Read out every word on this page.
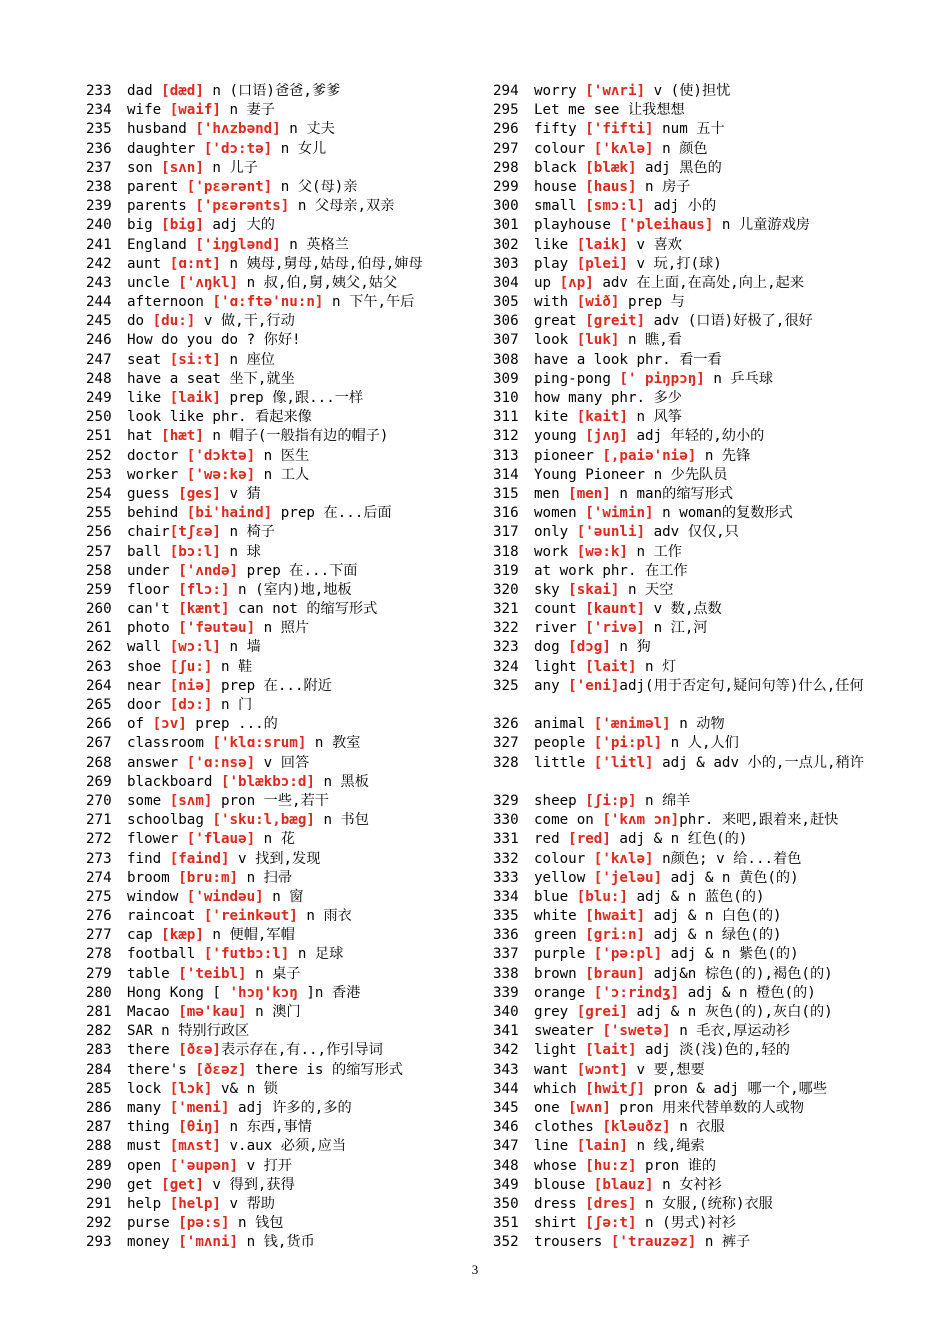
233 dad [dæd] n (口语)爸爸,爹爹
234 wife [waif] n 妻子
235 husband ['hʌzbənd] n 丈夫
236 daughter ['dɔ:tə] n 女儿
237 son [sʌn] n 儿子
238 parent ['pεərənt] n 父(母)亲
239 parents ['pεərənts] n 父母亲,双亲
240 big [big] adj 大的
241 England ['iŋglənd] n 英格兰
242 aunt [ɑ:nt] n 姨母,舅母,姑母,伯母,婶母
243 uncle ['ʌŋkl] n 叔,伯,舅,姨父,姑父
244 afternoon ['ɑ:ftə'nu:n] n 下午,午后
245 do [du:] v 做,干,行动
246 How do you do ? 你好!
247 seat [si:t] n 座位
248 have a seat 坐下,就坐
249 like [laik] prep 像,跟...一样
250 look like phr. 看起来像
251 hat [hæt] n 帽子(一般指有边的帽子)
252 doctor ['dɔktə] n 医生
253 worker ['wə:kə] n 工人
254 guess [ges] v 猜
255 behind [bi'haind] prep 在...后面
256 chair[tʃεə] n 椅子
257 ball [bɔ:l] n 球
258 under ['ʌndə] prep 在...下面
259 floor [flɔ:] n (室内)地,地板
260 can't [kænt] can not 的缩写形式
261 photo ['fəutəu] n 照片
262 wall [wɔ:l] n 墙
263 shoe [ʃu:] n 鞋
264 near [niə] prep 在...附近
265 door [dɔ:] n 门
266 of [ɔv] prep ...的
267 classroom ['klɑ:srum] n 教室
268 answer ['ɑ:nsə] v 回答
269 blackboard ['blækbɔ:d] n 黑板
270 some [sʌm] pron 一些,若干
271 schoolbag ['sku:l,bæg] n 书包
272 flower ['flauə] n 花
273 find [faind] v 找到,发现
274 broom [bru:m] n 扫帚
275 window ['windəu] n 窗
276 raincoat ['reinkəut] n 雨衣
277 cap [kæp] n 便帽,军帽
278 football ['futbɔ:l] n 足球
279 table ['teibl] n 桌子
280 Hong Kong [ 'hɔŋ'kɔŋ ]n 香港
281 Macao [mə'kau] n 澳门
282 SAR n 特别行政区
283 there [ðεə]表示存在,有..,作引导词
284 there's [ðεəz] there is 的缩写形式
285 lock [lɔk] v& n 锁
286 many ['meni] adj 许多的,多的
287 thing [θiŋ] n 东西,事情
288 must [mʌst] v.aux 必须,应当
289 open ['əupən] v 打开
290 get [get] v 得到,获得
291 help [help] v 帮助
292 purse [pə:s] n 钱包
293 money ['mʌni] n 钱,货币
294 worry ['wʌri] v (使)担忧
295 Let me see 让我想想
296 fifty ['fifti] num 五十
297 colour ['kʌlə] n 颜色
298 black [blæk] adj 黑色的
299 house [haus] n 房子
300 small [smɔ:l] adj 小的
301 playhouse ['pleihaus] n 儿童游戏房
302 like [laik] v 喜欢
303 play [plei] v 玩,打(球)
304 up [ʌp] adv 在上面,在高处,向上,起来
305 with [wið] prep 与
306 great [greit] adv (口语)好极了,很好
307 look [luk] n 瞧,看
308 have a look phr. 看一看
309 ping-pong [' piŋpɔŋ] n 乒乓球
310 how many phr. 多少
311 kite [kait] n 风筝
312 young [jʌŋ] adj 年轻的,幼小的
313 pioneer [,paiə'niə] n 先锋
314 Young Pioneer n 少先队员
315 men [men] n man的缩写形式
316 women ['wimin] n woman的复数形式
317 only ['əunli] adv 仅仅,只
318 work [wə:k] n 工作
319 at work phr. 在工作
320 sky [skai] n 天空
321 count [kaunt] v 数,点数
322 river ['rivə] n 江,河
323 dog [dɔg] n 狗
324 light [lait] n 灯
325 any ['eni]adj(用于否定句,疑问句等)什么,任何
326 animal ['æniməl] n 动物
327 people ['pi:pl] n 人,人们
328 little ['litl] adj & adv 小的,一点儿,稍许
329 sheep [ʃi:p] n 绵羊
330 come on ['kʌm ɔn]phr. 来吧,跟着来,赶快
331 red [red] adj & n 红色(的)
332 colour ['kʌlə] n颜色; v 给...着色
333 yellow ['jeləu] adj & n 黄色(的)
334 blue [blu:] adj & n 蓝色(的)
335 white [hwait] adj & n 白色(的)
336 green [gri:n] adj & n 绿色(的)
337 purple ['pə:pl] adj & n 紫色(的)
338 brown [braun] adj&n 棕色(的),褐色(的)
339 orange ['ɔ:rindʒ] adj & n 橙色(的)
340 grey [grei] adj & n 灰色(的),灰白(的)
341 sweater ['swetə] n 毛衣,厚运动衫
342 light [lait] adj 淡(浅)色的,轻的
343 want [wɔnt] v 要,想要
344 which [hwitʃ] pron & adj 哪一个,哪些
345 one [wʌn] pron 用来代替单数的人或物
346 clothes [kləuðz] n 衣服
347 line [lain] n 线,绳索
348 whose [hu:z] pron 谁的
349 blouse [blauz] n 女衬衫
350 dress [dres] n 女服,(统称)衣服
351 shirt [ʃə:t] n (男式)衬衫
352 trousers ['trauzəz] n 裤子
3
